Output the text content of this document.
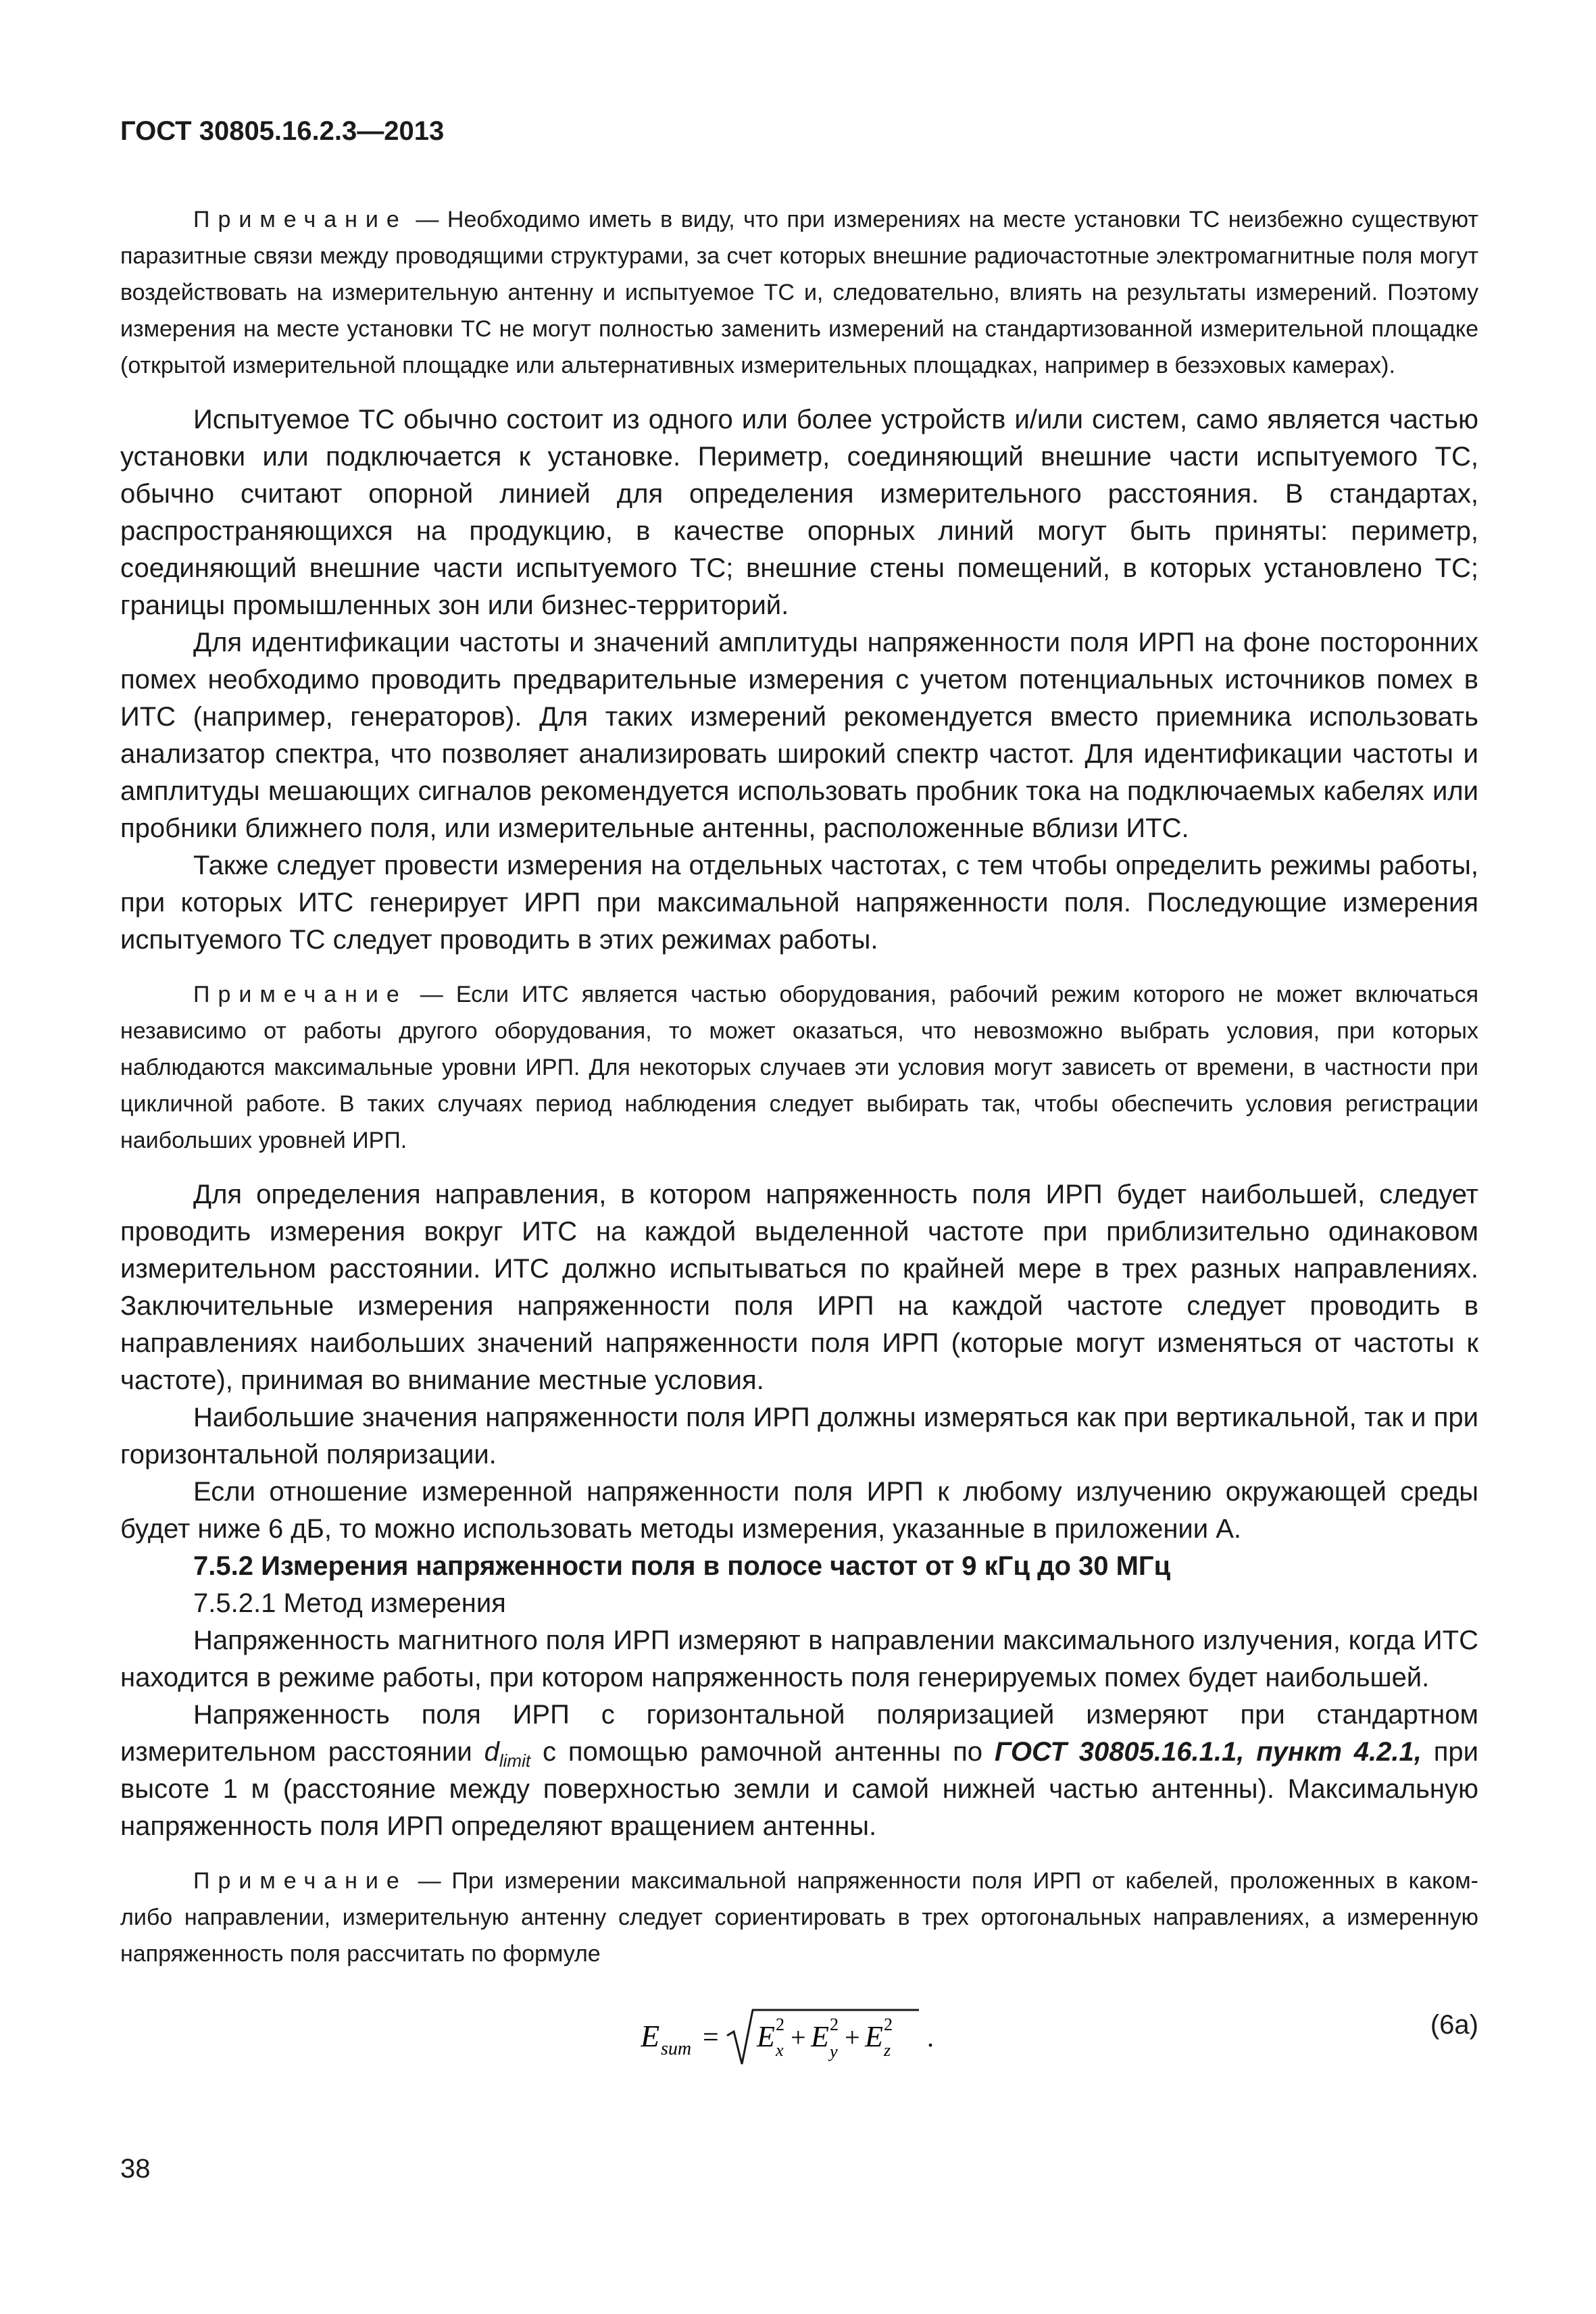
ГОСТ 30805.16.2.3—2013

Примечание — Необходимо иметь в виду, что при измерениях на месте установки ТС неизбежно существуют паразитные связи между проводящими структурами, за счет которых внешние радиочастотные электромагнитные поля могут воздействовать на измерительную антенну и испытуемое ТС и, следовательно, влиять на результаты измерений. Поэтому измерения на месте установки ТС не могут полностью заменить измерений на стандартизованной измерительной площадке (открытой измерительной площадке или альтернативных измерительных площадках, например в безэховых камерах).

Испытуемое ТС обычно состоит из одного или более устройств и/или систем, само является частью установки или подключается к установке. Периметр, соединяющий внешние части испытуемого ТС, обычно считают опорной линией для определения измерительного расстояния. В стандартах, распространяющихся на продукцию, в качестве опорных линий могут быть приняты: периметр, соединяющий внешние части испытуемого ТС; внешние стены помещений, в которых установлено ТС; границы промышленных зон или бизнес-территорий.

Для идентификации частоты и значений амплитуды напряженности поля ИРП на фоне посторонних помех необходимо проводить предварительные измерения с учетом потенциальных источников помех в ИТС (например, генераторов). Для таких измерений рекомендуется вместо приемника использовать анализатор спектра, что позволяет анализировать широкий спектр частот. Для идентификации частоты и амплитуды мешающих сигналов рекомендуется использовать пробник тока на подключаемых кабелях или пробники ближнего поля, или измерительные антенны, расположенные вблизи ИТС.

Также следует провести измерения на отдельных частотах, с тем чтобы определить режимы работы, при которых ИТС генерирует ИРП при максимальной напряженности поля. Последующие измерения испытуемого ТС следует проводить в этих режимах работы.

Примечание — Если ИТС является частью оборудования, рабочий режим которого не может включаться независимо от работы другого оборудования, то может оказаться, что невозможно выбрать условия, при которых наблюдаются максимальные уровни ИРП. Для некоторых случаев эти условия могут зависеть от времени, в частности при цикличной работе. В таких случаях период наблюдения следует выбирать так, чтобы обеспечить условия регистрации наибольших уровней ИРП.

Для определения направления, в котором напряженность поля ИРП будет наибольшей, следует проводить измерения вокруг ИТС на каждой выделенной частоте при приблизительно одинаковом измерительном расстоянии. ИТС должно испытываться по крайней мере в трех разных направлениях. Заключительные измерения напряженности поля ИРП на каждой частоте следует проводить в направлениях наибольших значений напряженности поля ИРП (которые могут изменяться от частоты к частоте), принимая во внимание местные условия.

Наибольшие значения напряженности поля ИРП должны измеряться как при вертикальной, так и при горизонтальной поляризации.

Если отношение измеренной напряженности поля ИРП к любому излучению окружающей среды будет ниже 6 дБ, то можно использовать методы измерения, указанные в приложении А.

7.5.2 Измерения напряженности поля в полосе частот от 9 кГц до 30 МГц

7.5.2.1 Метод измерения

Напряженность магнитного поля ИРП измеряют в направлении максимального излучения, когда ИТС находится в режиме работы, при котором напряженность поля генерируемых помех будет наибольшей.

Напряженность поля ИРП с горизонтальной поляризацией измеряют при стандартном измерительном расстоянии $d_{limit}$ с помощью рамочной антенны по ГОСТ 30805.16.1.1, пункт 4.2.1, при высоте 1 м (расстояние между поверхностью земли и самой нижней частью антенны). Максимальную напряженность поля ИРП определяют вращением антенны.

Примечание — При измерении максимальной напряженности поля ИРП от кабелей, проложенных в каком-либо направлении, измерительную антенну следует сориентировать в трех ортогональных направлениях, а измеренную напряженность поля рассчитать по формуле

E sum = E 2
x + E 2
y + E 2
z .	(6а)
38
